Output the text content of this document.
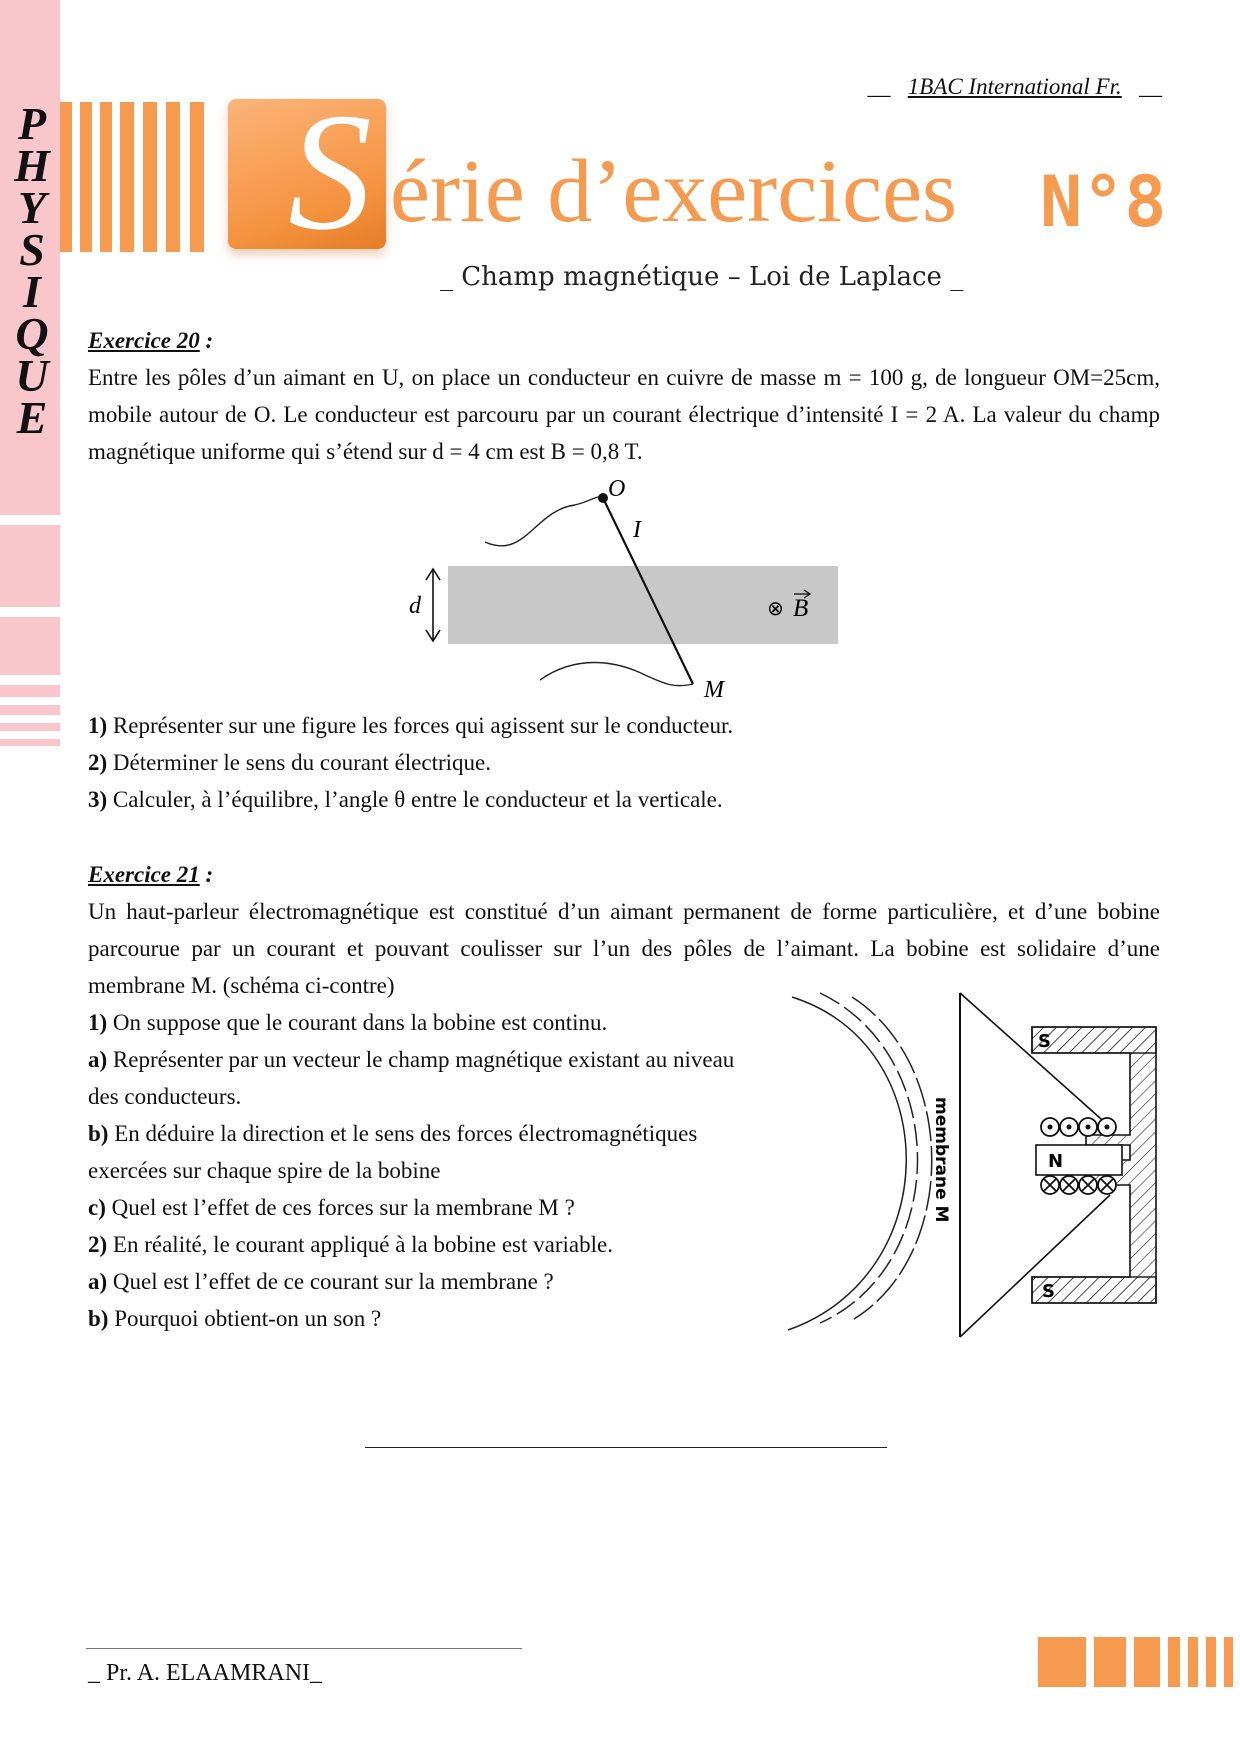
P
H
Y
S
I
Q
U
E
__ 1BAC International Fr. __
S érie d’exercices N°8
_ Champ magnétique – Loi de Laplace _
Exercice 20 :
Entre les pôles d’un aimant en U, on place un conducteur en cuivre de masse m = 100 g, de longueur OM=25cm, mobile autour de O. Le conducteur est parcouru par un courant électrique d’intensité I = 2 A. La valeur du champ magnétique uniforme qui s’étend sur d = 4 cm est B = 0,8 T.
O
I
d
M
⊗ B
1) Représenter sur une figure les forces qui agissent sur le conducteur.
2) Déterminer le sens du courant électrique.
3) Calculer, à l’équilibre, l’angle θ entre le conducteur et la verticale.
Exercice 21 :
Un haut-parleur électromagnétique est constitué d’un aimant permanent de forme particulière, et d’une bobine parcourue par un courant et pouvant coulisser sur l’un des pôles de l’aimant. La bobine est solidaire d’une membrane M. (schéma ci-contre)
1) On suppose que le courant dans la bobine est continu.
a) Représenter par un vecteur le champ magnétique existant au niveau des conducteurs.
b) En déduire la direction et le sens des forces électromagnétiques exercées sur chaque spire de la bobine
c) Quel est l’effet de ces forces sur la membrane M ?
2) En réalité, le courant appliqué à la bobine est variable.
a) Quel est l’effet de ce courant sur la membrane ?
b) Pourquoi obtient-on un son ?
S
N
S
membrane M
_ Pr. A. ELAAMRANI_
